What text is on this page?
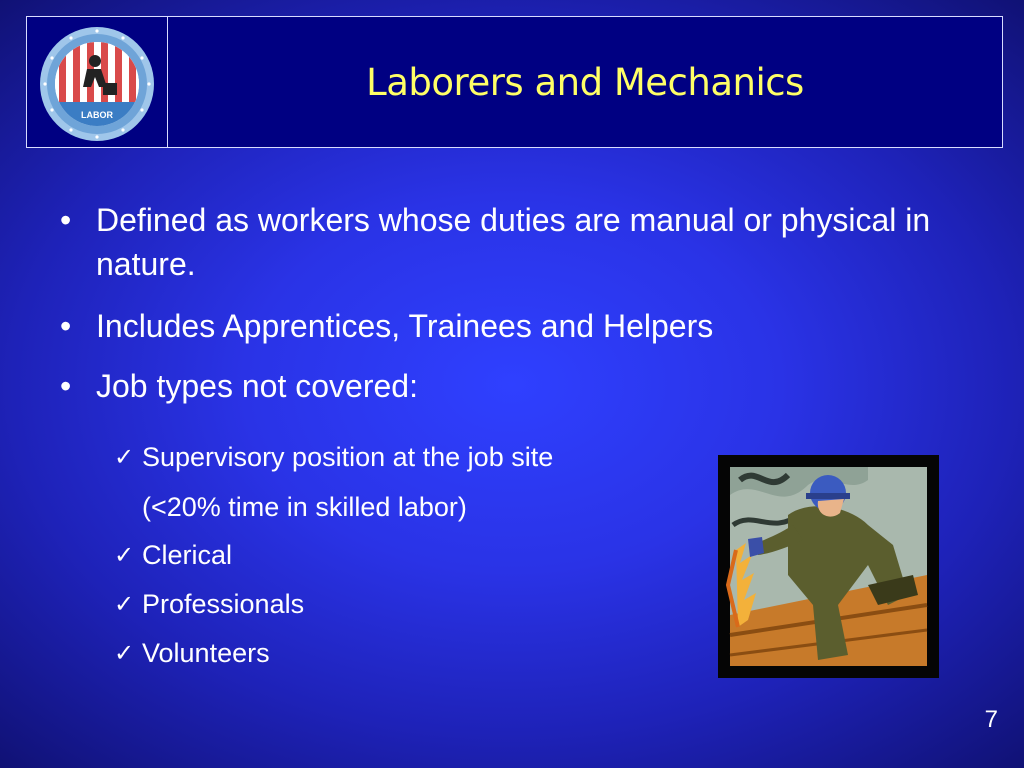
LABOR
Laborers and Mechanics
• Defined as workers whose duties are manual or physical in nature.
• Includes Apprentices, Trainees and Helpers
• Job types not covered:
✓ Supervisory position at the job site
(<20% time in skilled labor)
✓ Clerical
✓ Professionals
✓ Volunteers
7
